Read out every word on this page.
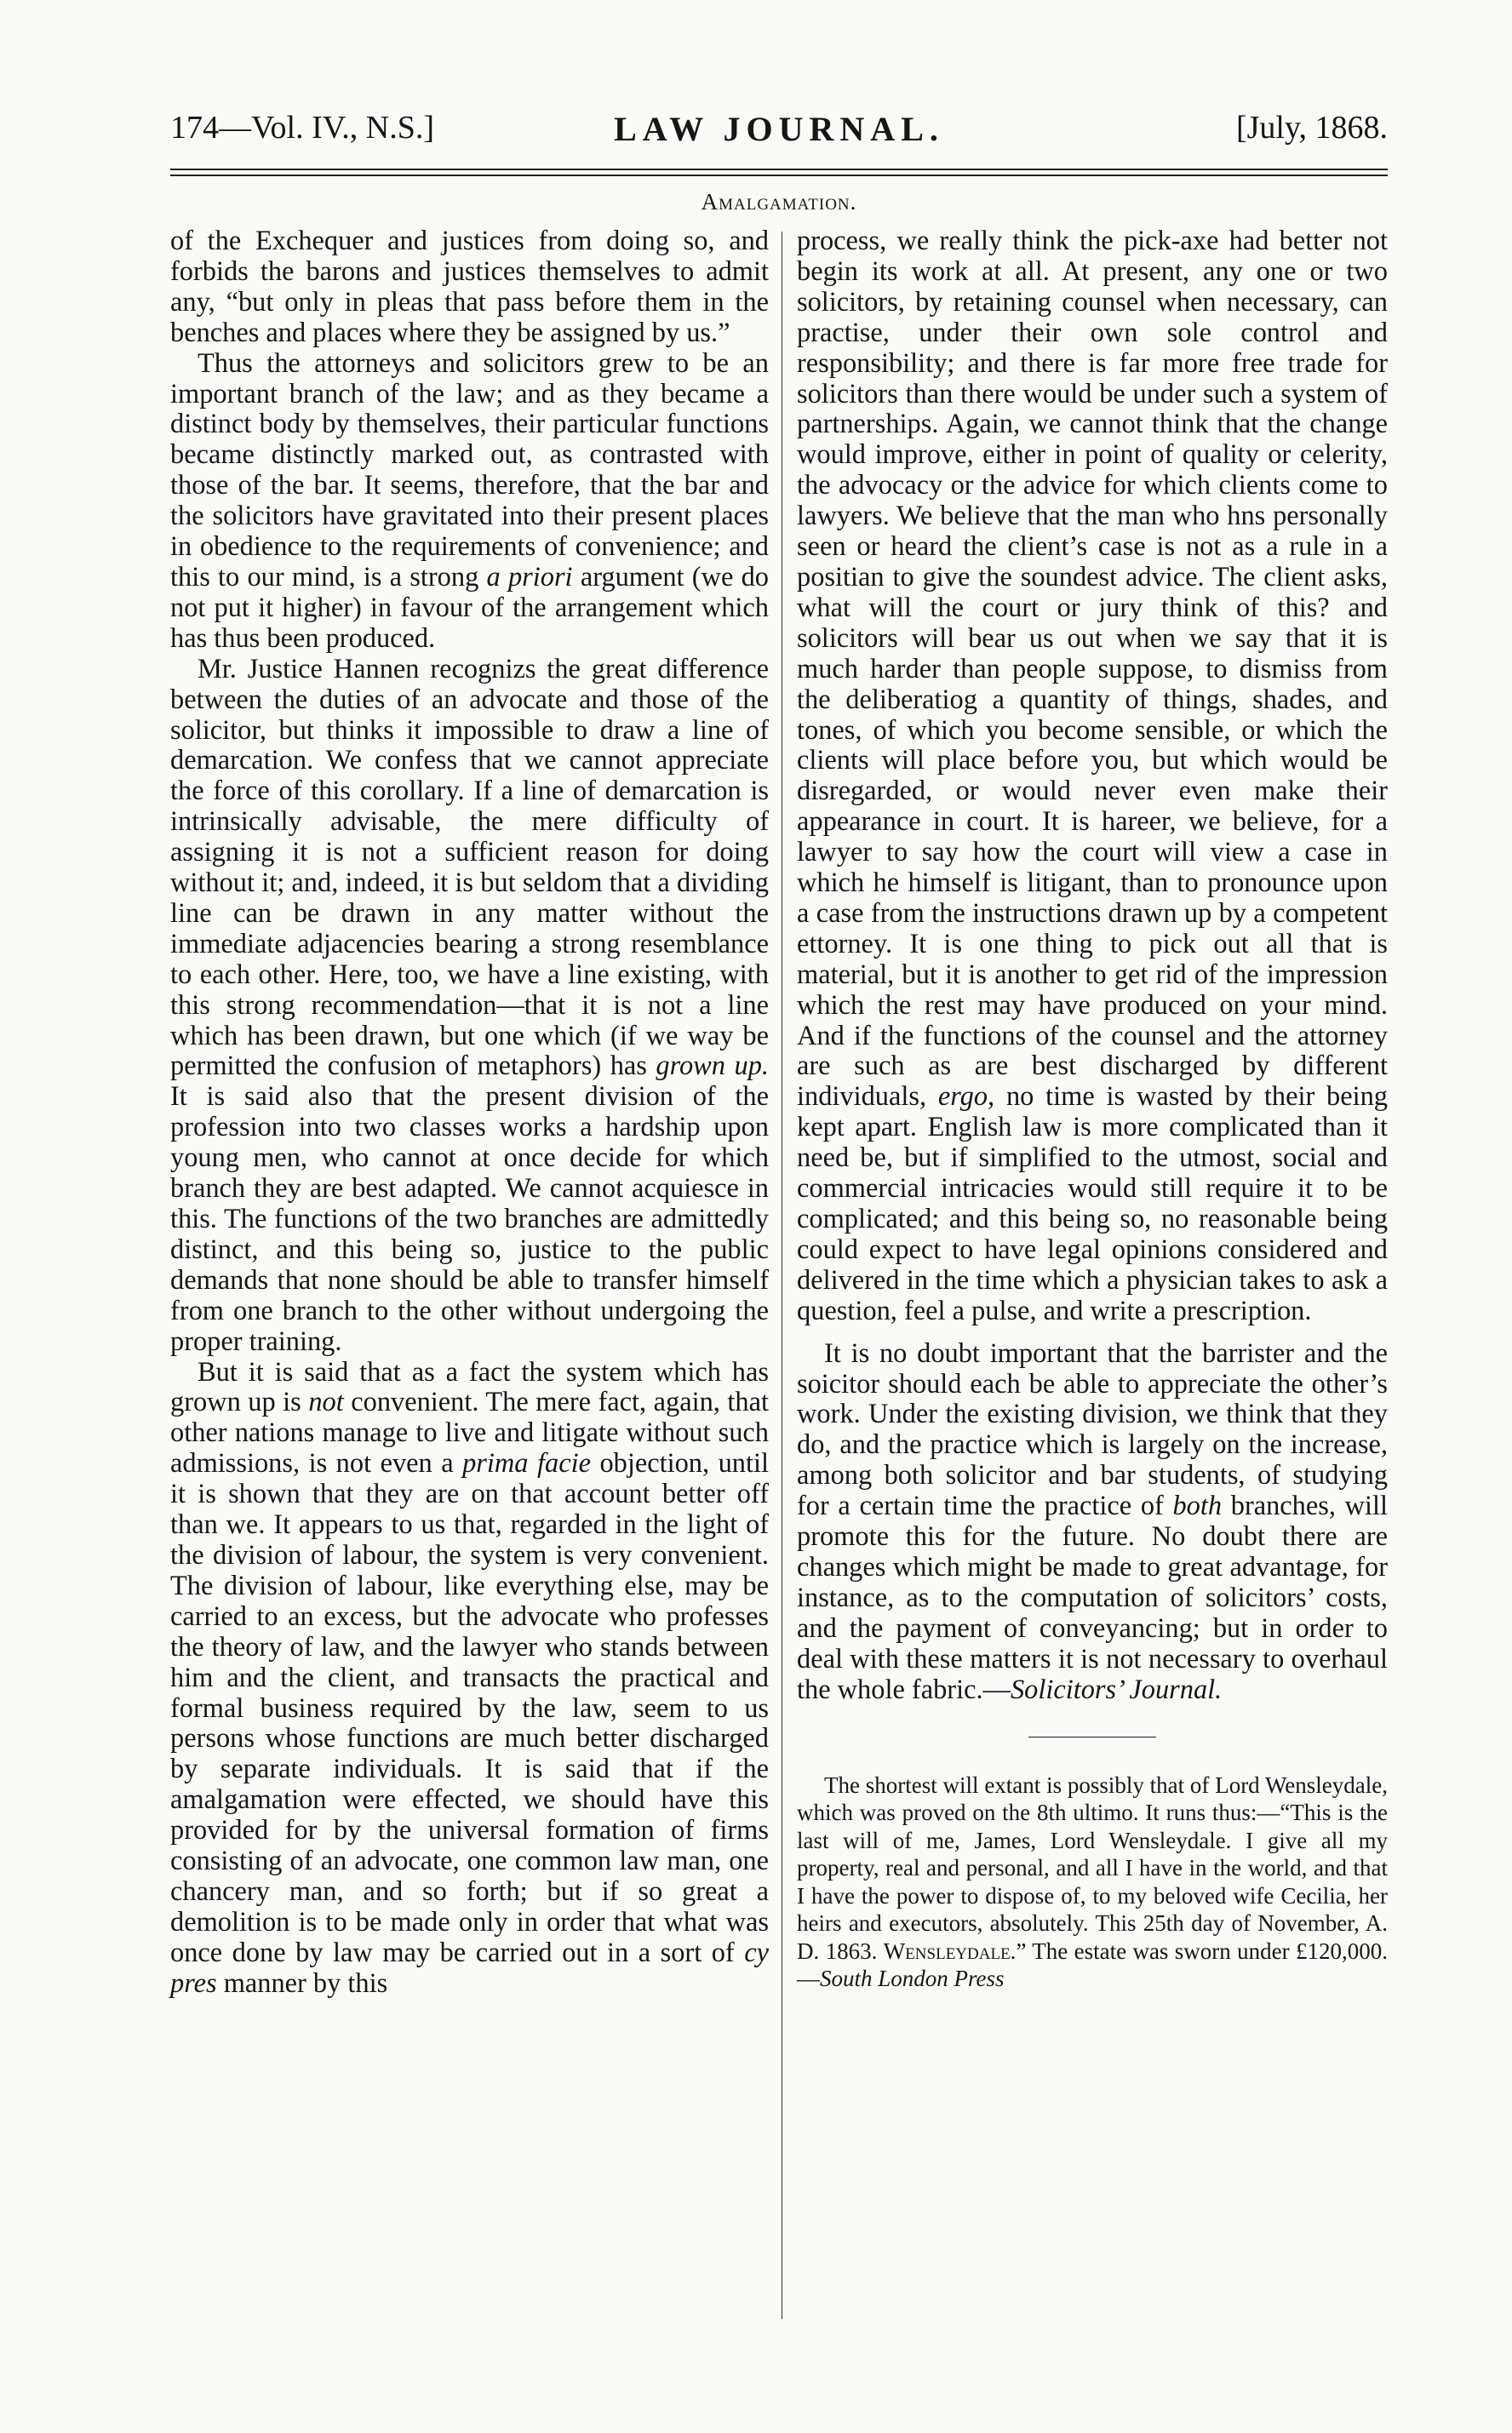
174—Vol. IV., N.S.]	LAW JOURNAL.	[July, 1868.
Amalgamation.

of the Exchequer and justices from doing so, and forbids the barons and justices themselves to admit any, “but only in pleas that pass before them in the benches and places where they be assigned by us.”

Thus the attorneys and solicitors grew to be an important branch of the law; and as they became a distinct body by themselves, their particular functions became distinctly marked out, as contrasted with those of the bar. It seems, therefore, that the bar and the solicitors have gravitated into their present places in obedience to the requirements of convenience; and this to our mind, is a strong a priori argument (we do not put it higher) in favour of the arrangement which has thus been produced.

Mr. Justice Hannen recognizs the great difference between the duties of an advocate and those of the solicitor, but thinks it impossible to draw a line of demarcation. We confess that we cannot appreciate the force of this corollary. If a line of demarcation is intrinsically advisable, the mere difficulty of assigning it is not a sufficient reason for doing without it; and, indeed, it is but seldom that a dividing line can be drawn in any matter without the immediate adjacencies bearing a strong resemblance to each other. Here, too, we have a line existing, with this strong recommendation—that it is not a line which has been drawn, but one which (if we way be permitted the confusion of metaphors) has grown up. It is said also that the present division of the profession into two classes works a hardship upon young men, who cannot at once decide for which branch they are best adapted. We cannot acquiesce in this. The functions of the two branches are admittedly distinct, and this being so, justice to the public demands that none should be able to transfer himself from one branch to the other without undergoing the proper training.

But it is said that as a fact the system which has grown up is not convenient. The mere fact, again, that other nations manage to live and litigate without such admissions, is not even a prima facie objection, until it is shown that they are on that account better off than we. It appears to us that, regarded in the light of the division of labour, the system is very convenient. The division of labour, like everything else, may be carried to an excess, but the advocate who professes the theory of law, and the lawyer who stands between him and the client, and transacts the practical and formal business required by the law, seem to us persons whose functions are much better discharged by separate individuals. It is said that if the amalgamation were effected, we should have this provided for by the universal formation of firms consisting of an advocate, one common law man, one chancery man, and so forth; but if so great a demolition is to be made only in order that what was once done by law may be carried out in a sort of cy pres manner by this

process, we really think the pick-axe had better not begin its work at all. At present, any one or two solicitors, by retaining counsel when necessary, can practise, under their own sole control and responsibility; and there is far more free trade for solicitors than there would be under such a system of partnerships. Again, we cannot think that the change would improve, either in point of quality or celerity, the advocacy or the advice for which clients come to lawyers. We believe that the man who hns personally seen or heard the client’s case is not as a rule in a positian to give the soundest advice. The client asks, what will the court or jury think of this? and solicitors will bear us out when we say that it is much harder than people suppose, to dismiss from the deliberatiog a quantity of things, shades, and tones, of which you become sensible, or which the clients will place before you, but which would be disregarded, or would never even make their appearance in court. It is hareer, we believe, for a lawyer to say how the court will view a case in which he himself is litigant, than to pronounce upon a case from the instructions drawn up by a competent ettorney. It is one thing to pick out all that is material, but it is another to get rid of the impression which the rest may have produced on your mind. And if the functions of the counsel and the attorney are such as are best discharged by different individuals, ergo, no time is wasted by their being kept apart. English law is more complicated than it need be, but if simplified to the utmost, social and commercial intricacies would still require it to be complicated; and this being so, no reasonable being could expect to have legal opinions considered and delivered in the time which a physician takes to ask a question, feel a pulse, and write a prescription.

It is no doubt important that the barrister and the soicitor should each be able to appreciate the other’s work. Under the existing division, we think that they do, and the practice which is largely on the increase, among both solicitor and bar students, of studying for a certain time the practice of both branches, will promote this for the future. No doubt there are changes which might be made to great advantage, for instance, as to the computation of solicitors’ costs, and the payment of conveyancing; but in order to deal with these matters it is not necessary to overhaul the whole fabric.—Solicitors’ Journal.

The shortest will extant is possibly that of Lord Wensleydale, which was proved on the 8th ultimo. It runs thus:—“This is the last will of me, James, Lord Wensleydale. I give all my property, real and personal, and all I have in the world, and that I have the power to dispose of, to my beloved wife Cecilia, her heirs and executors, absolutely. This 25th day of November, A. D. 1863. Wensleydale.” The estate was sworn under £120,000.—South London Press
